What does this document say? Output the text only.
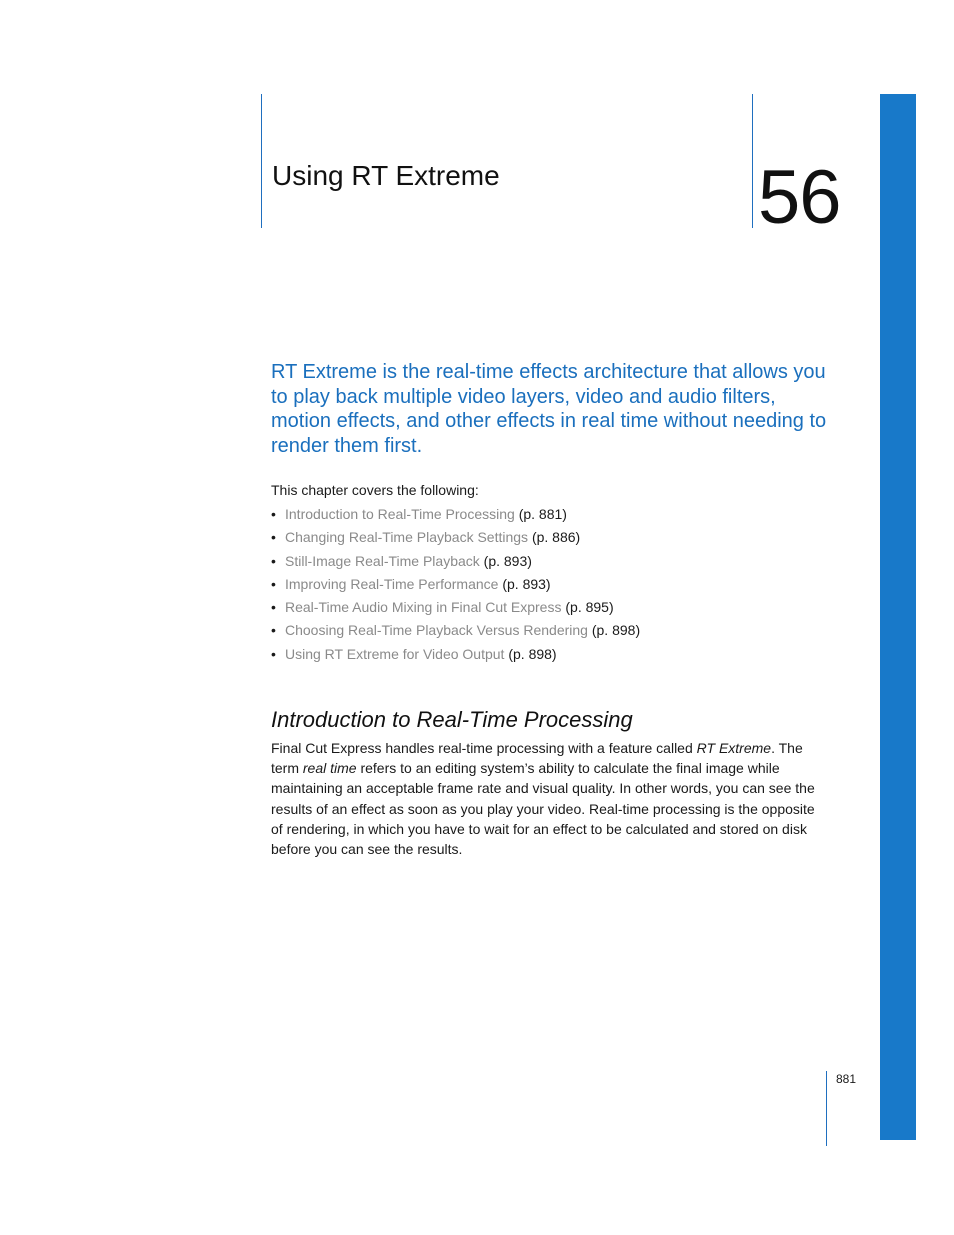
Using RT Extreme	56

RT Extreme is the real-time effects architecture that allows you to play back multiple video layers, video and audio filters, motion effects, and other effects in real time without needing to render them first.

This chapter covers the following:

• Introduction to Real-Time Processing (p. 881)
• Changing Real-Time Playback Settings (p. 886)
• Still-Image Real-Time Playback (p. 893)
• Improving Real-Time Performance (p. 893)
• Real-Time Audio Mixing in Final Cut Express (p. 895)
• Choosing Real-Time Playback Versus Rendering (p. 898)
• Using RT Extreme for Video Output (p. 898)
Introduction to Real-Time Processing

Final Cut Express handles real-time processing with a feature called RT Extreme. The term real time refers to an editing system’s ability to calculate the final image while maintaining an acceptable frame rate and visual quality. In other words, you can see the results of an effect as soon as you play your video. Real-time processing is the opposite of rendering, in which you have to wait for an effect to be calculated and stored on disk before you can see the results.

881
